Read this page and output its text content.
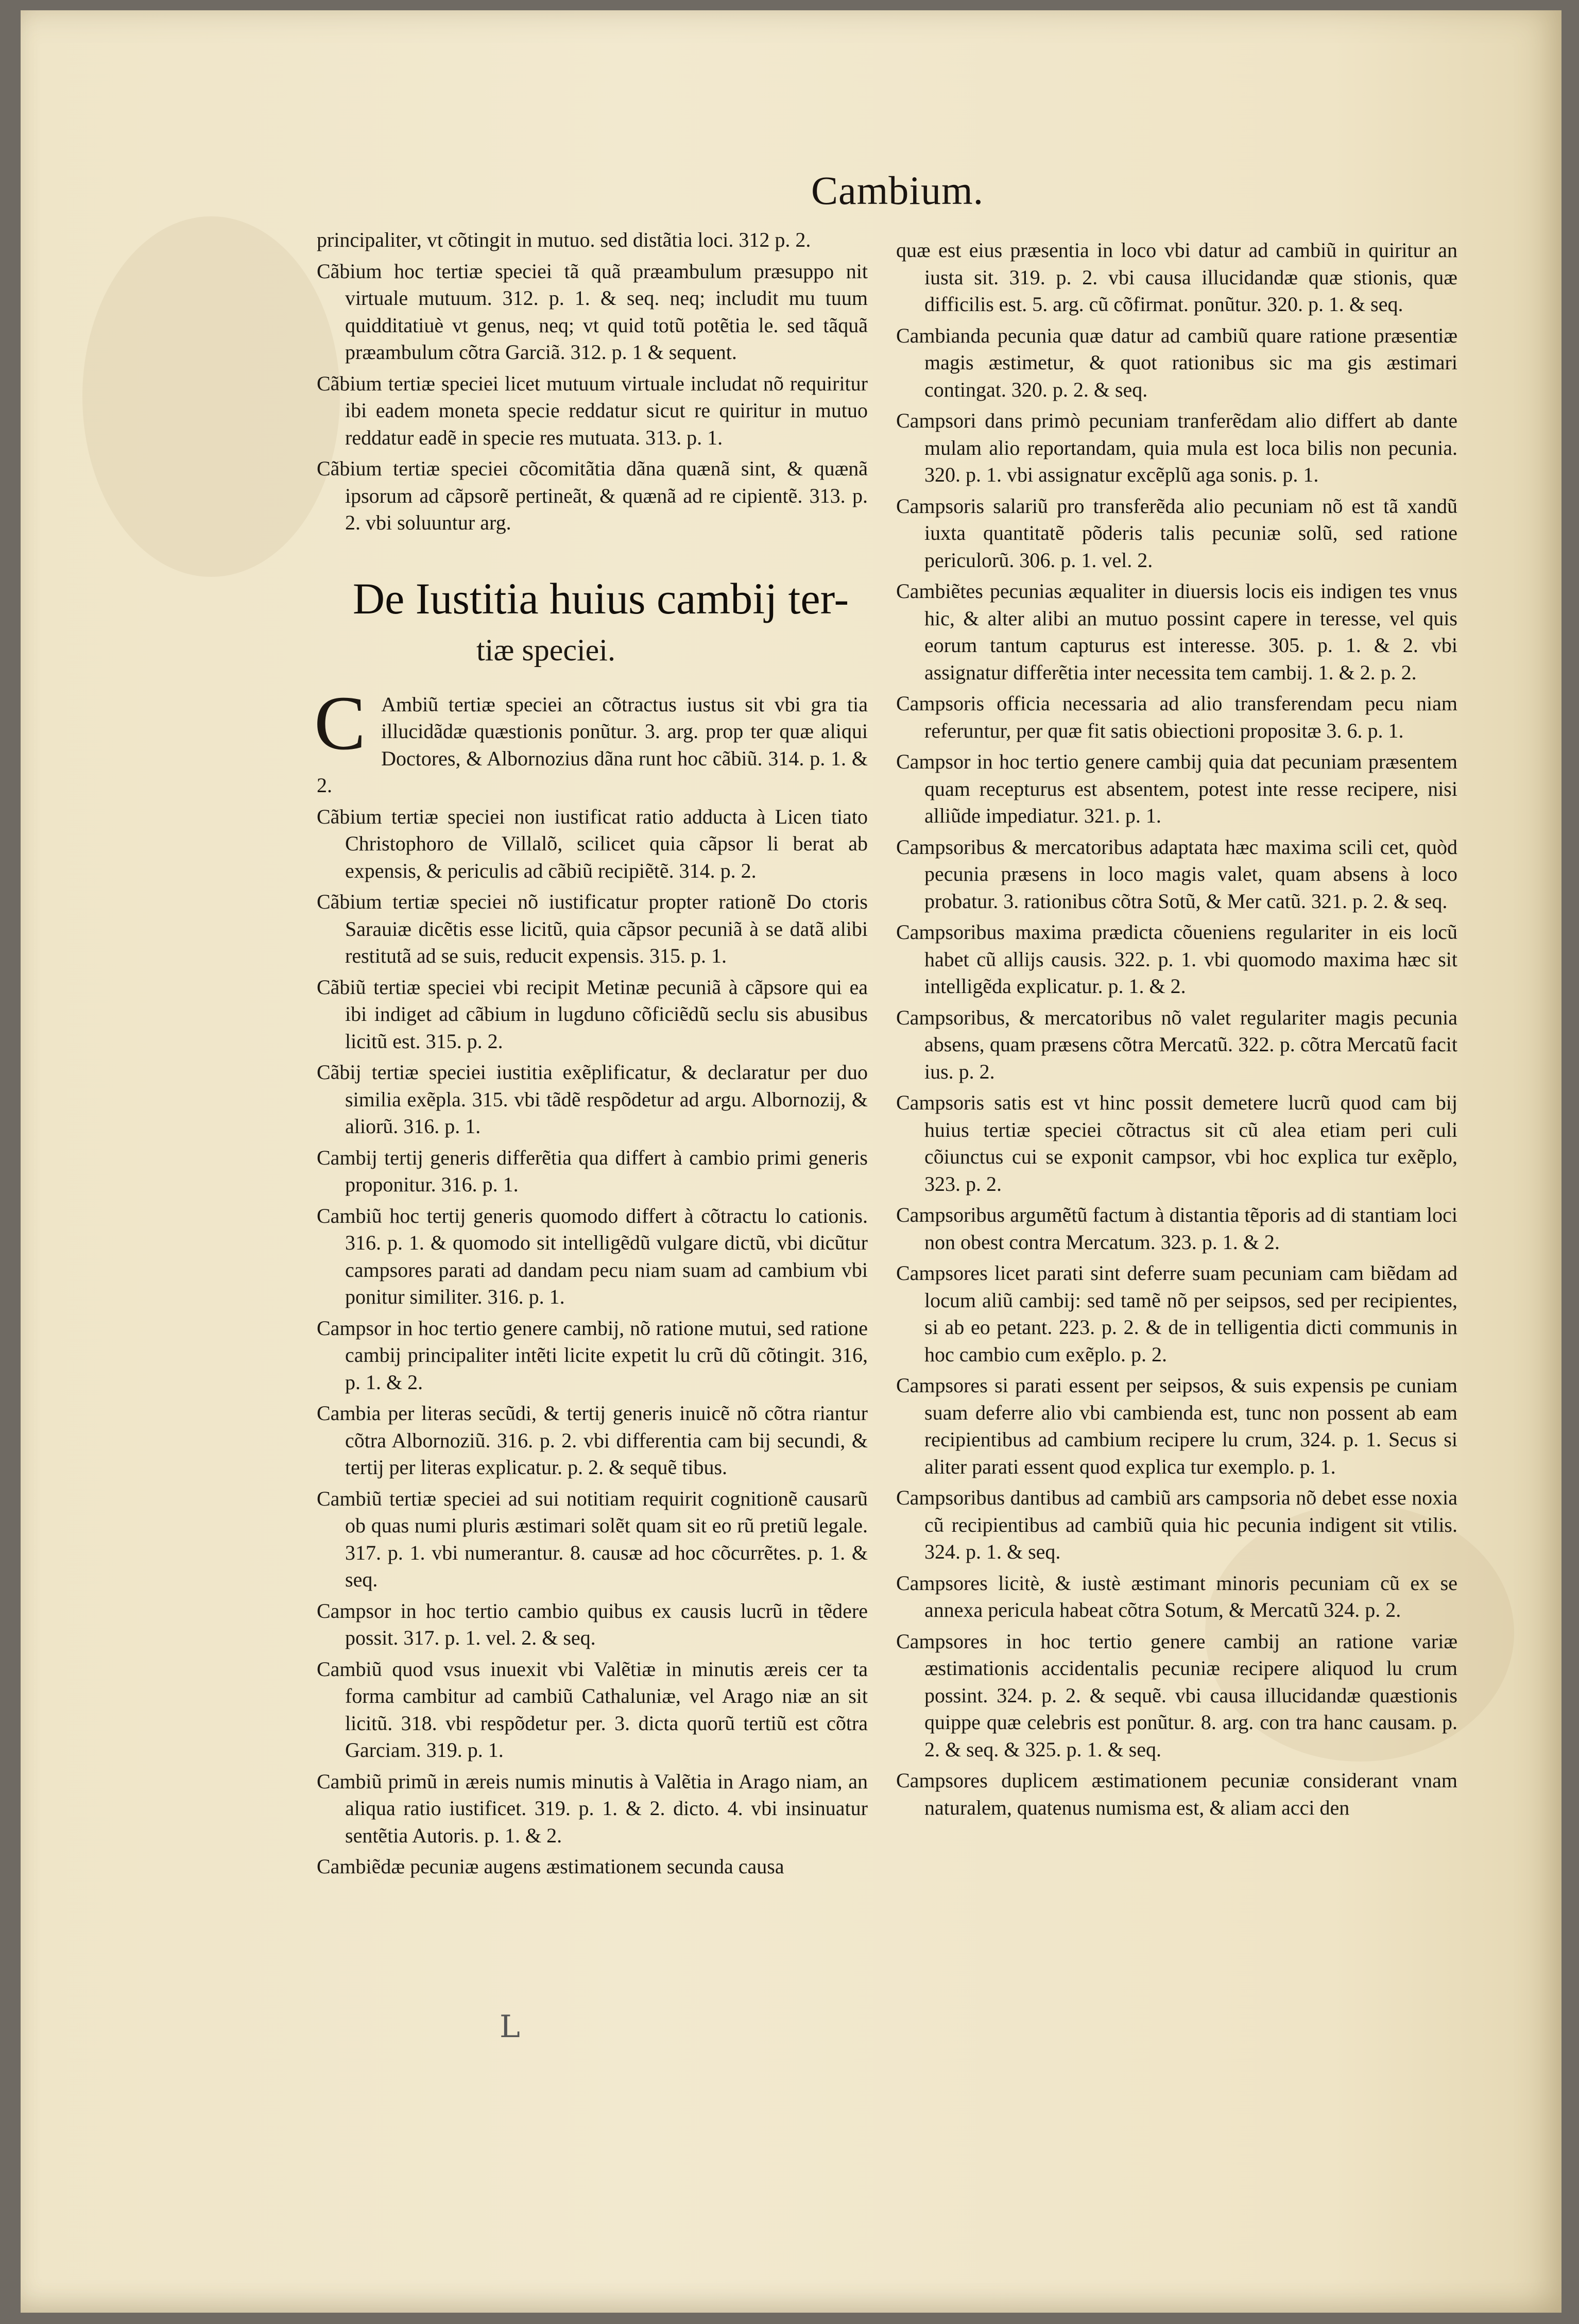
Cambium.

principaliter, vt cõtingit in mutuo. sed distãtia loci. 312 p. 2.

Cãbium hoc tertiæ speciei tã quã præambulum præsuppo nit virtuale mutuum. 312. p. 1. & seq. neq; includit mu tuum quidditatiuè vt genus, neq; vt quid totũ potẽtia le. sed tãquã præambulum cõtra Garciã. 312. p. 1 & sequent.

Cãbium tertiæ speciei licet mutuum virtuale includat nõ requiritur ibi eadem moneta specie reddatur sicut re quiritur in mutuo reddatur eadẽ in specie res mutuata. 313. p. 1.

Cãbium tertiæ speciei cõcomitãtia dãna quænã sint, & quænã ipsorum ad cãpsorẽ pertineãt, & quænã ad re cipientẽ. 313. p. 2. vbi soluuntur arg.

De Iustitia huius cambij ter-
tiæ speciei.
C Ambiũ tertiæ speciei an cõtractus iustus sit vbi gra tia illucidãdæ quæstionis ponũtur. 3. arg. prop ter quæ aliqui Doctores, & Albornozius dãna runt hoc cãbiũ. 314. p. 1. & 2.

Cãbium tertiæ speciei non iustificat ratio adducta à Licen tiato Christophoro de Villalõ, scilicet quia cãpsor li berat ab expensis, & periculis ad cãbiũ recipiẽtẽ. 314. p. 2.

Cãbium tertiæ speciei nõ iustificatur propter rationẽ Do ctoris Sarauiæ dicẽtis esse licitũ, quia cãpsor pecuniã à se datã alibi restitutã ad se suis, reducit expensis. 315. p. 1.

Cãbiũ tertiæ speciei vbi recipit Metinæ pecuniã à cãpsore qui ea ibi indiget ad cãbium in lugduno cõficiẽdũ seclu sis abusibus licitũ est. 315. p. 2.

Cãbij tertiæ speciei iustitia exẽplificatur, & declaratur per duo similia exẽpla. 315. vbi tãdẽ respõdetur ad argu. Albornozij, & aliorũ. 316. p. 1.

Cambij tertij generis differẽtia qua differt à cambio primi generis proponitur. 316. p. 1.

Cambiũ hoc tertij generis quomodo differt à cõtractu lo cationis. 316. p. 1. & quomodo sit intelligẽdũ vulgare dictũ, vbi dicũtur campsores parati ad dandam pecu niam suam ad cambium vbi ponitur similiter. 316. p. 1.

Campsor in hoc tertio genere cambij, nõ ratione mutui, sed ratione cambij principaliter intẽti licite expetit lu crũ dũ cõtingit. 316, p. 1. & 2.

Cambia per literas secũdi, & tertij generis inuicẽ nõ cõtra riantur cõtra Albornoziũ. 316. p. 2. vbi differentia cam bij secundi, & tertij per literas explicatur. p. 2. & sequẽ tibus.

Cambiũ tertiæ speciei ad sui notitiam requirit cognitionẽ causarũ ob quas numi pluris æstimari solẽt quam sit eo rũ pretiũ legale. 317. p. 1. vbi numerantur. 8. causæ ad hoc cõcurrẽtes. p. 1. & seq.

Campsor in hoc tertio cambio quibus ex causis lucrũ in tẽdere possit. 317. p. 1. vel. 2. & seq.

Cambiũ quod vsus inuexit vbi Valẽtiæ in minutis æreis cer ta forma cambitur ad cambiũ Cathaluniæ, vel Arago niæ an sit licitũ. 318. vbi respõdetur per. 3. dicta quorũ tertiũ est cõtra Garciam. 319. p. 1.

Cambiũ primũ in æreis numis minutis à Valẽtia in Arago niam, an aliqua ratio iustificet. 319. p. 1. & 2. dicto. 4. vbi insinuatur sentẽtia Autoris. p. 1. & 2.

Cambiẽdæ pecuniæ augens æstimationem secunda causa

quæ est eius præsentia in loco vbi datur ad cambiũ in quiritur an iusta sit. 319. p. 2. vbi causa illucidandæ quæ stionis, quæ difficilis est. 5. arg. cũ cõfirmat. ponũtur. 320. p. 1. & seq.

Cambianda pecunia quæ datur ad cambiũ quare ratione præsentiæ magis æstimetur, & quot rationibus sic ma gis æstimari contingat. 320. p. 2. & seq.

Campsori dans primò pecuniam tranferẽdam alio differt ab dante mulam alio reportandam, quia mula est loca bilis non pecunia. 320. p. 1. vbi assignatur excẽplũ aga sonis. p. 1.

Campsoris salariũ pro transferẽda alio pecuniam nõ est tã xandũ iuxta quantitatẽ põderis talis pecuniæ solũ, sed ratione periculorũ. 306. p. 1. vel. 2.

Cambiẽtes pecunias æqualiter in diuersis locis eis indigen tes vnus hic, & alter alibi an mutuo possint capere in teresse, vel quis eorum tantum capturus est interesse. 305. p. 1. & 2. vbi assignatur differẽtia inter necessita tem cambij. 1. & 2. p. 2.

Campsoris officia necessaria ad alio transferendam pecu niam referuntur, per quæ fit satis obiectioni propositæ 3. 6. p. 1.

Campsor in hoc tertio genere cambij quia dat pecuniam præsentem quam recepturus est absentem, potest inte resse recipere, nisi alliũde impediatur. 321. p. 1.

Campsoribus & mercatoribus adaptata hæc maxima scili cet, quòd pecunia præsens in loco magis valet, quam absens à loco probatur. 3. rationibus cõtra Sotũ, & Mer catũ. 321. p. 2. & seq.

Campsoribus maxima prædicta cõueniens regulariter in eis locũ habet cũ allijs causis. 322. p. 1. vbi quomodo maxima hæc sit intelligẽda explicatur. p. 1. & 2.

Campsoribus, & mercatoribus nõ valet regulariter magis pecunia absens, quam præsens cõtra Mercatũ. 322. p. cõtra Mercatũ facit ius. p. 2.

Campsoris satis est vt hinc possit demetere lucrũ quod cam bij huius tertiæ speciei cõtractus sit cũ alea etiam peri culi cõiunctus cui se exponit campsor, vbi hoc explica tur exẽplo, 323. p. 2.

Campsoribus argumẽtũ factum à distantia tẽporis ad di stantiam loci non obest contra Mercatum. 323. p. 1. & 2.

Campsores licet parati sint deferre suam pecuniam cam biẽdam ad locum aliũ cambij: sed tamẽ nõ per seipsos, sed per recipientes, si ab eo petant. 223. p. 2. & de in telligentia dicti communis in hoc cambio cum exẽplo. p. 2.

Campsores si parati essent per seipsos, & suis expensis pe cuniam suam deferre alio vbi cambienda est, tunc non possent ab eam recipientibus ad cambium recipere lu crum, 324. p. 1. Secus si aliter parati essent quod explica tur exemplo. p. 1.

Campsoribus dantibus ad cambiũ ars campsoria nõ debet esse noxia cũ recipientibus ad cambiũ quia hic pecunia indigent sit vtilis. 324. p. 1. & seq.

Campsores licitè, & iustè æstimant minoris pecuniam cũ ex se annexa pericula habeat cõtra Sotum, & Mercatũ 324. p. 2.

Campsores in hoc tertio genere cambij an ratione variæ æstimationis accidentalis pecuniæ recipere aliquod lu crum possint. 324. p. 2. & sequẽ. vbi causa illucidandæ quæstionis quippe quæ celebris est ponũtur. 8. arg. con tra hanc causam. p. 2. & seq. & 325. p. 1. & seq.

Campsores duplicem æstimationem pecuniæ considerant vnam naturalem, quatenus numisma est, & aliam acci den

L
